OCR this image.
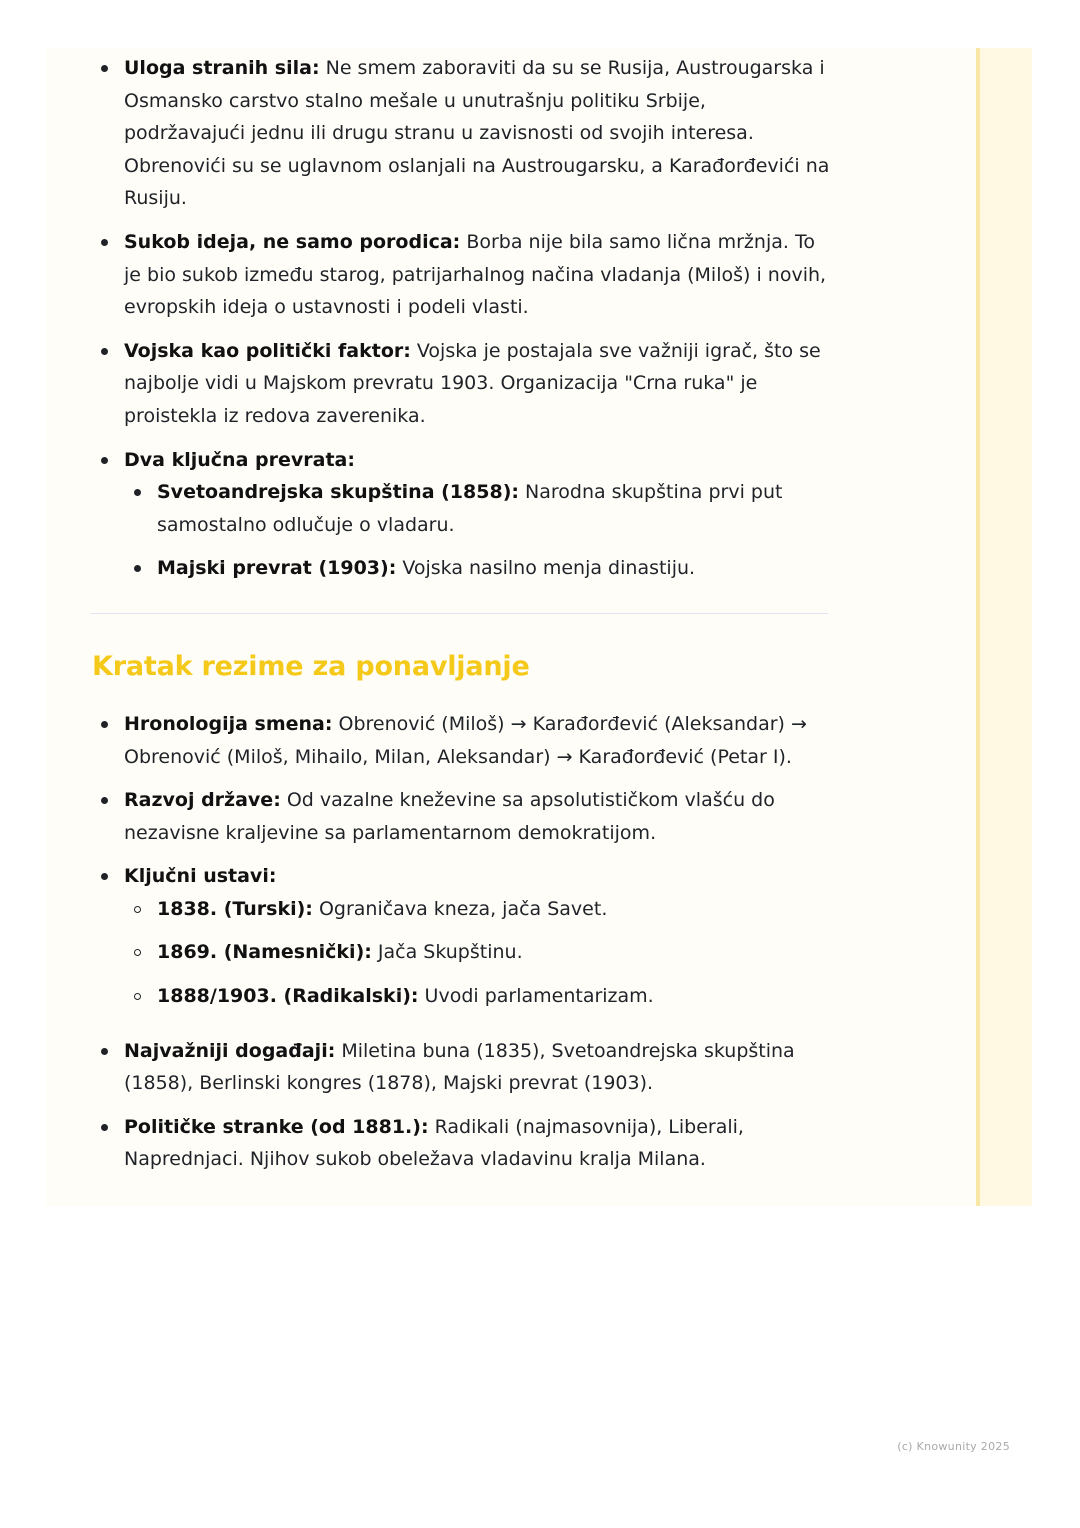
Uloga stranih sila: Ne smem zaboraviti da su se Rusija, Austrougarska i Osmansko carstvo stalno mešale u unutrašnju politiku Srbije, podržavajući jednu ili drugu stranu u zavisnosti od svojih interesa. Obrenovići su se uglavnom oslanjali na Austrougarsku, a Karađorđevići na Rusiju.
Sukob ideja, ne samo porodica: Borba nije bila samo lična mržnja. To je bio sukob između starog, patrijarhalnog načina vladanja (Miloš) i novih, evropskih ideja o ustavnosti i podeli vlasti.
Vojska kao politički faktor: Vojska je postajala sve važniji igrač, što se najbolje vidi u Majskom prevratu 1903. Organizacija "Crna ruka" je proistekla iz redova zaverenika.
Dva ključna prevrata:
Svetoandrejska skupština (1858): Narodna skupština prvi put samostalno odlučuje o vladaru.
Majski prevrat (1903): Vojska nasilno menja dinastiju.
Kratak rezime za ponavljanje
Hronologija smena: Obrenović (Miloš) → Karađorđević (Aleksandar) → Obrenović (Miloš, Mihailo, Milan, Aleksandar) → Karađorđević (Petar I).
Razvoj države: Od vazalne kneževine sa apsolutističkom vlašću do nezavisne kraljevine sa parlamentarnom demokratijom.
Ključni ustavi:
1838. (Turski): Ograničava kneza, jača Savet.
1869. (Namesnički): Jača Skupštinu.
1888/1903. (Radikalski): Uvodi parlamentarizam.
Najvažniji događaji: Miletina buna (1835), Svetoandrejska skupština (1858), Berlinski kongres (1878), Majski prevrat (1903).
Političke stranke (od 1881.): Radikali (najmasovnija), Liberali, Naprednjaci. Njihov sukob obeležava vladavinu kralja Milana.
(c) Knowunity 2025
